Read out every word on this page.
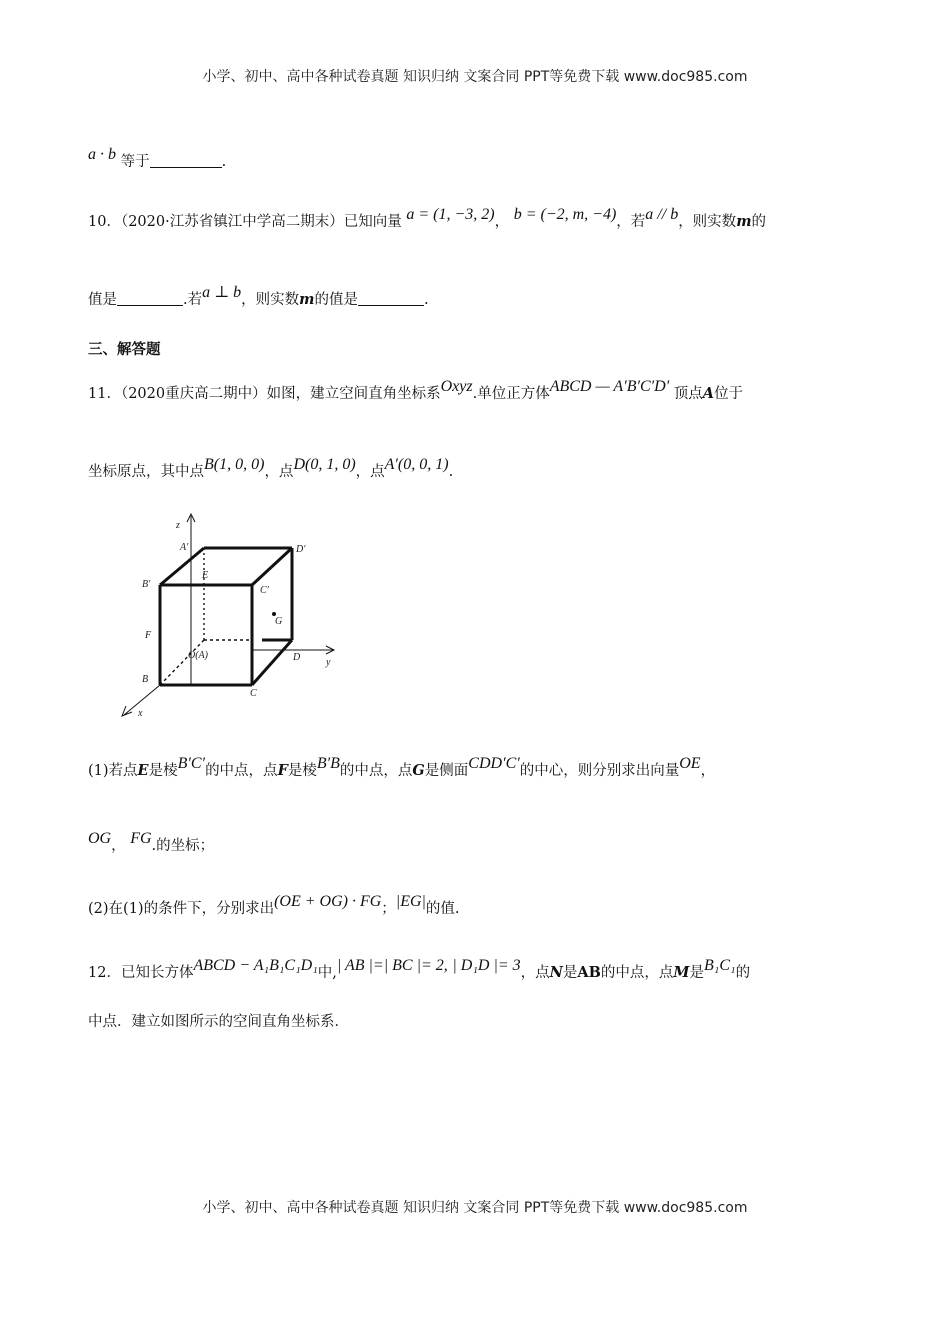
小学、初中、高中各种试卷真题 知识归纳 文案合同 PPT等免费下载 www.doc985.com
a · b 等于	.
10．（2020·江苏省镇江中学高二期末）已知向量 a = (1, −3, 2)， b = (−2, m, −4)，若a // b，则实数m的
值是	.若a ⊥ b，则实数m的值是	.
三、解答题
11．（2020重庆高二期中）如图，建立空间直角坐标系Oxyz.单位正方体ABCD — A′B′C′D′ 顶点A位于
坐标原点，其中点B(1, 0, 0)，点D(0, 1, 0)，点A′(0, 0, 1).
z
A′	D′
B′
E
C′
G
F
O(A)	D	y
B
C
x
(1)若点E是棱B′C′的中点，点F是棱B′B的中点，点G是侧面CDD′C′的中心，则分别求出向量OE，
OG， FG.的坐标；
(2)在(1)的条件下，分别求出(OE + OG) · FG；|EG|的值.
12．已知长方体ABCD − A₁B₁C₁D₁中,| AB |=| BC |= 2, | D₁D |= 3，点N是AB的中点，点M是B₁C₁的
中点．建立如图所示的空间直角坐标系．
小学、初中、高中各种试卷真题 知识归纳 文案合同 PPT等免费下载 www.doc985.com
